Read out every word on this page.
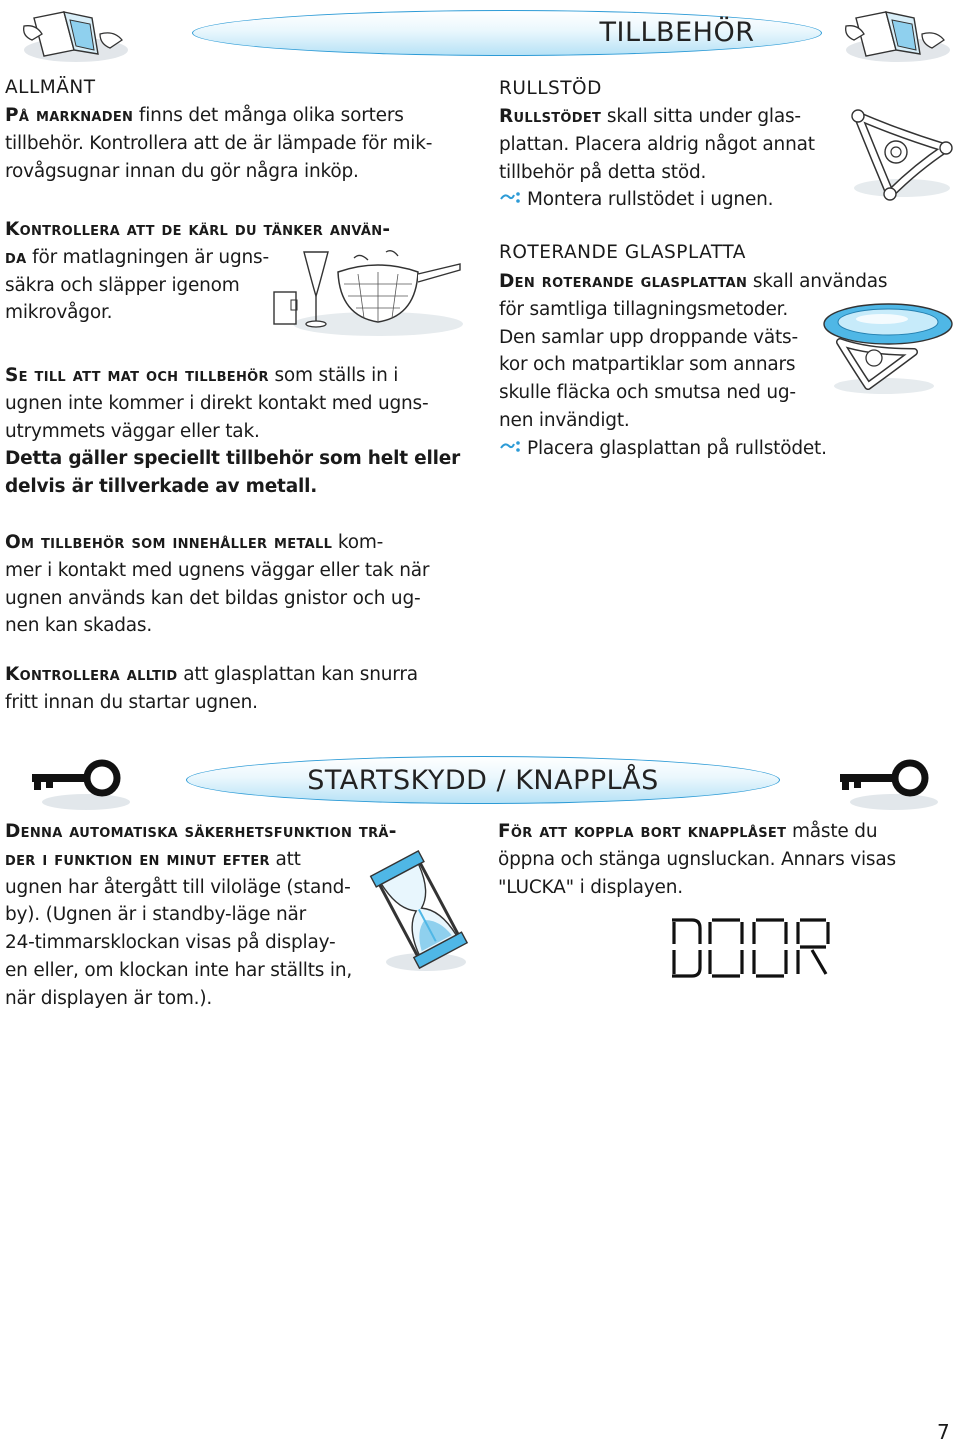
TILLBEHÖR
ALLMÄNT
På marknaden finns det många olika sorters
tillbehör. Kontrollera att de är lämpade för mik-
rovågsugnar innan du gör några inköp.
Kontrollera att de kärl du tänker använ-
da för matlagningen är ugns-
säkra och släpper igenom
mikrovågor.
Se till att mat och tillbehör som ställs in i
ugnen inte kommer i direkt kontakt med ugns-
utrymmets väggar eller tak.
Detta gäller speciellt tillbehör som helt eller
delvis är tillverkade av metall.
Om tillbehör som innehåller metall kom-
mer i kontakt med ugnens väggar eller tak när
ugnen används kan det bildas gnistor och ug-
nen kan skadas.
Kontrollera alltid att glasplattan kan snurra
fritt innan du startar ugnen.
RULLSTÖD
Rullstödet skall sitta under glas-
plattan. Placera aldrig något annat
tillbehör på detta stöd.
Montera rullstödet i ugnen.
ROTERANDE GLASPLATTA
Den roterande glasplattan skall användas
för samtliga tillagningsmetoder.
Den samlar upp droppande väts-
kor och matpartiklar som annars
skulle fläcka och smutsa ned ug-
nen invändigt.
Placera glasplattan på rullstödet.
STARTSKYDD / KNAPPLÅS
Denna automatiska säkerhetsfunktion trä-
der i funktion en minut efter att
ugnen har återgått till viloläge (stand-
by). (Ugnen är i standby-läge när
24-timmarsklockan visas på display-
en eller, om klockan inte har ställts in,
när displayen är tom.).
För att koppla bort knapplåset måste du
öppna och stänga ugnsluckan. Annars visas
"LUCKA" i displayen.
7
